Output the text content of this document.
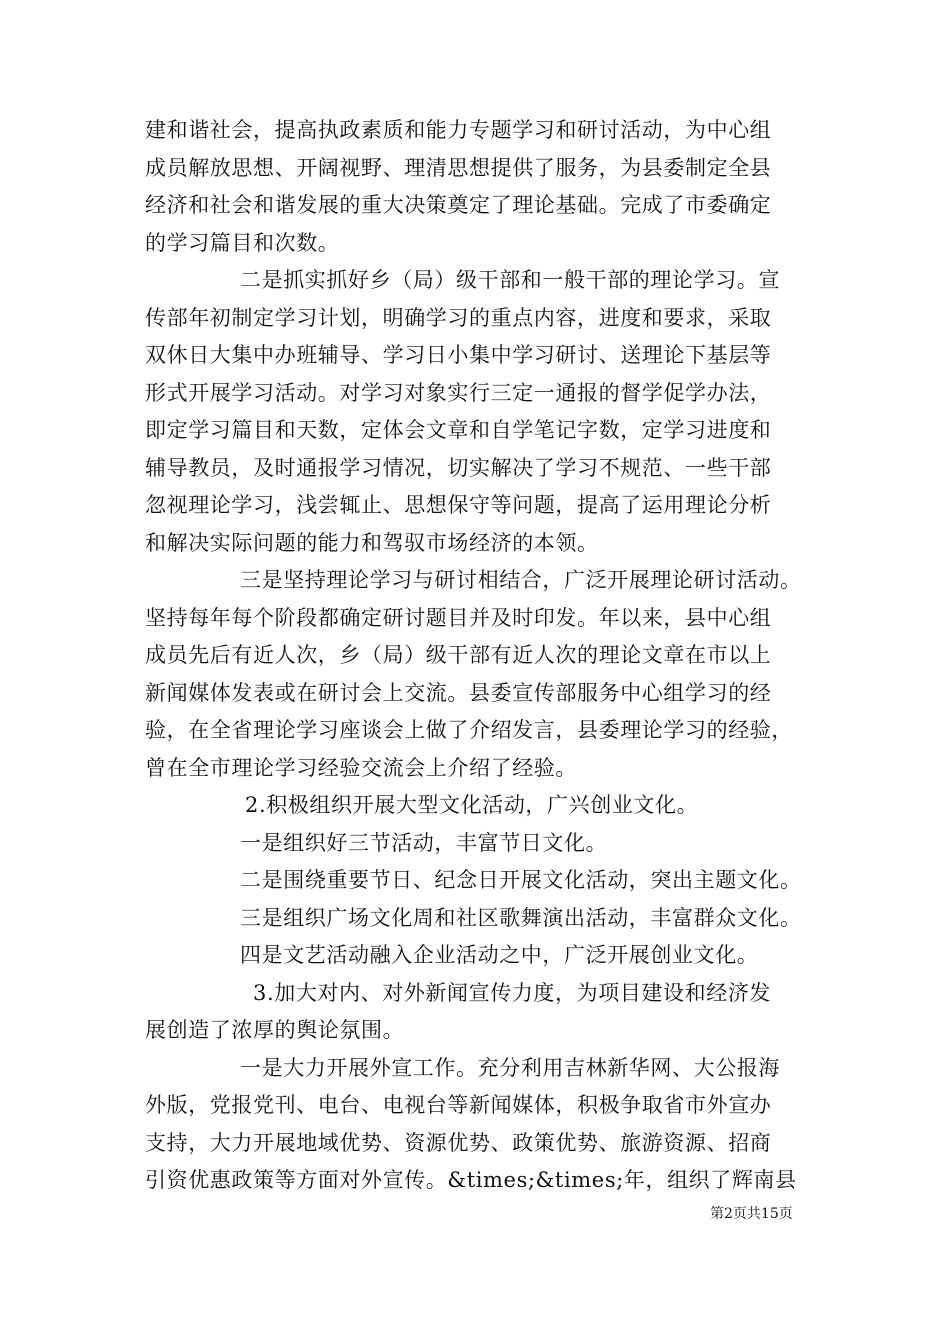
建和谐社会，提高执政素质和能力专题学习和研讨活动，为中心组
成员解放思想、开阔视野、理清思想提供了服务，为县委制定全县
经济和社会和谐发展的重大决策奠定了理论基础。完成了市委确定
的学习篇目和次数。
二是抓实抓好乡（局）级干部和一般干部的理论学习。宣
传部年初制定学习计划，明确学习的重点内容，进度和要求，采取
双休日大集中办班辅导、学习日小集中学习研讨、送理论下基层等
形式开展学习活动。对学习对象实行三定一通报的督学促学办法，
即定学习篇目和天数，定体会文章和自学笔记字数，定学习进度和
辅导教员，及时通报学习情况，切实解决了学习不规范、一些干部
忽视理论学习，浅尝辄止、思想保守等问题，提高了运用理论分析
和解决实际问题的能力和驾驭市场经济的本领。
三是坚持理论学习与研讨相结合，广泛开展理论研讨活动。
坚持每年每个阶段都确定研讨题目并及时印发。年以来，县中心组
成员先后有近人次，乡（局）级干部有近人次的理论文章在市以上
新闻媒体发表或在研讨会上交流。县委宣传部服务中心组学习的经
验，在全省理论学习座谈会上做了介绍发言，县委理论学习的经验，
曾在全市理论学习经验交流会上介绍了经验。
2.积极组织开展大型文化活动，广兴创业文化。
一是组织好三节活动，丰富节日文化。
二是围绕重要节日、纪念日开展文化活动，突出主题文化。
三是组织广场文化周和社区歌舞演出活动，丰富群众文化。
四是文艺活动融入企业活动之中，广泛开展创业文化。
3.加大对内、对外新闻宣传力度，为项目建设和经济发
展创造了浓厚的舆论氛围。
一是大力开展外宣工作。充分利用吉林新华网、大公报海
外版，党报党刊、电台、电视台等新闻媒体，积极争取省市外宣办
支持，大力开展地域优势、资源优势、政策优势、旅游资源、招商
引资优惠政策等方面对外宣传。&times;&times;年，组织了辉南县
第2页共15页
